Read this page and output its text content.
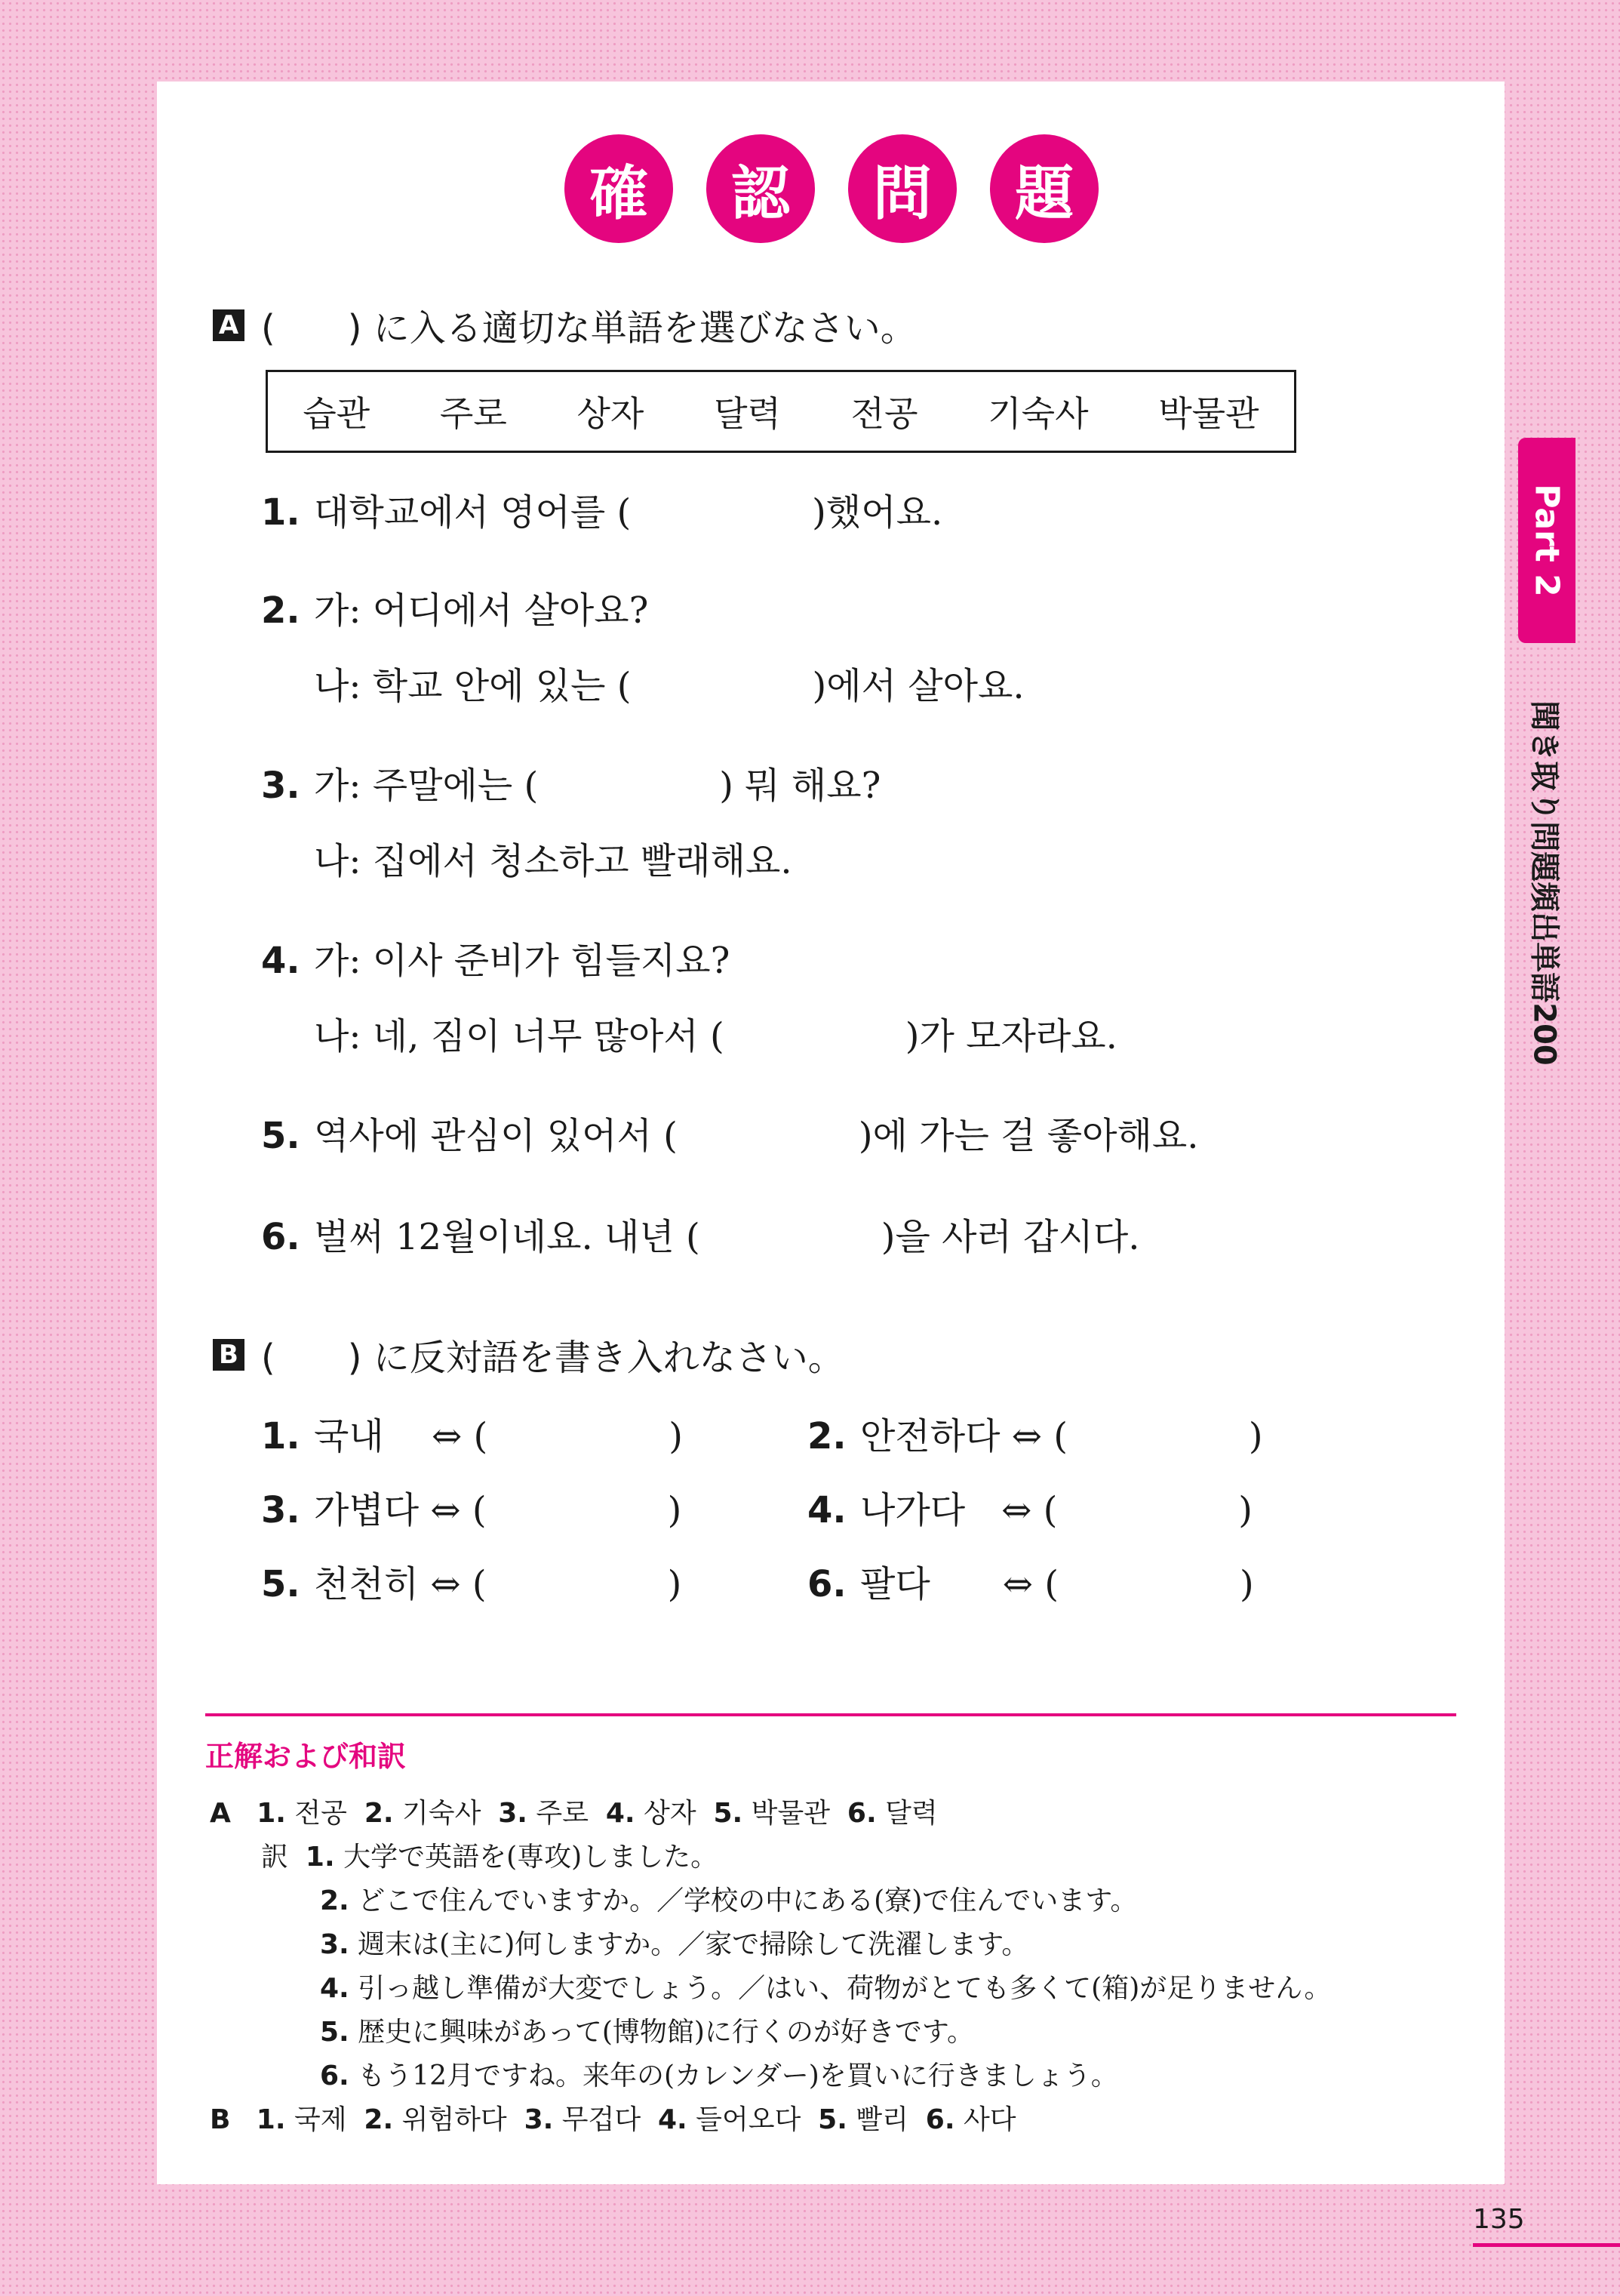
確	認	問	題
A (　　) に入る適切な単語を選びなさい。
습관 주로 상자 달력 전공 기숙사 박물관
1. 대학교에서 영어를 (　　　　　)했어요.
2. 가: 어디에서 살아요?
나: 학교 안에 있는 (　　　　　)에서 살아요.
3. 가: 주말에는 (　　　　　) 뭐 해요?
나: 집에서 청소하고 빨래해요.
4. 가: 이사 준비가 힘들지요?
나: 네, 짐이 너무 많아서 (　　　　　)가 모자라요.
5. 역사에 관심이 있어서 (　　　　　)에 가는 걸 좋아해요.
6. 벌써 12월이네요. 내년 (　　　　　)을 사러 갑시다.
B (　　) に反対語を書き入れなさい。
1. 국내　 ⇔ (　　　　　)	2. 안전하다 ⇔ (　　　　　)
3. 가볍다 ⇔ (　　　　　)	4. 나가다　⇔ (　　　　　)
5. 천천히 ⇔ (　　　　　)	6. 팔다　　⇔ (　　　　　)
正解および和訳
A 1. 전공  2. 기숙사  3. 주로  4. 상자  5. 박물관  6. 달력
訳 1. 大学で英語を(専攻)しました。
2. どこで住んでいますか。／学校の中にある(寮)で住んでいます。
3. 週末は(主に)何しますか。／家で掃除して洗濯します。
4. 引っ越し準備が大変でしょう。／はい、荷物がとても多くて(箱)が足りません。
5. 歴史に興味があって(博物館)に行くのが好きです。
6. もう12月ですね。来年の(カレンダー)を買いに行きましょう。
B 1. 국제  2. 위험하다  3. 무겁다  4. 들어오다  5. 빨리  6. 사다
Part 2
聞き取り問題頻出単語200
135
